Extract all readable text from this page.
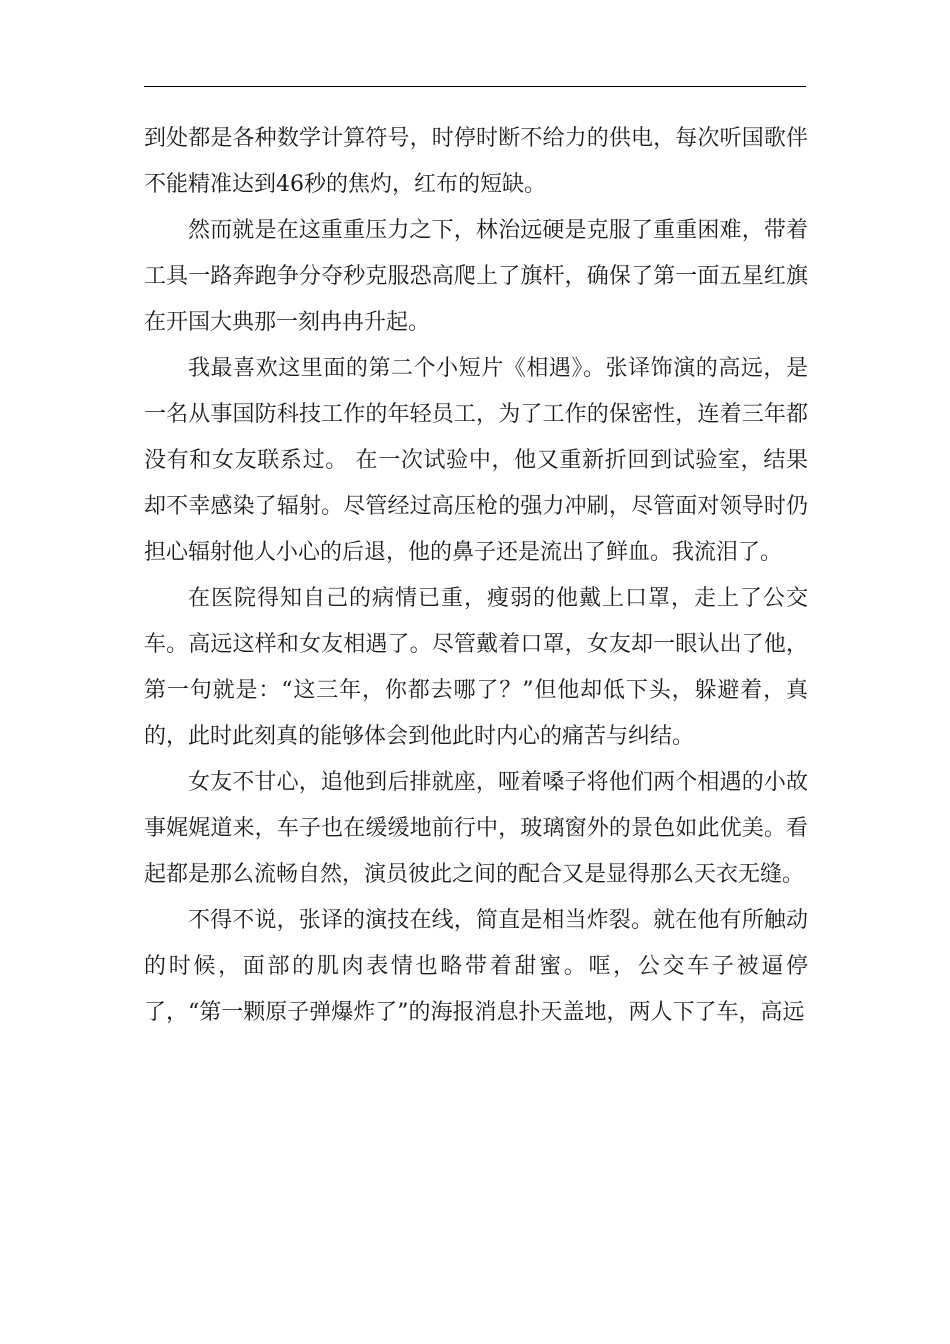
到处都是各种数学计算符号，时停时断不给力的供电，每次听国歌伴不能精准达到46秒的焦灼，红布的短缺。

然而就是在这重重压力之下，林治远硬是克服了重重困难，带着工具一路奔跑争分夺秒克服恐高爬上了旗杆，确保了第一面五星红旗在开国大典那一刻冉冉升起。

我最喜欢这里面的第二个小短片《相遇》。张译饰演的高远，是一名从事国防科技工作的年轻员工，为了工作的保密性，连着三年都没有和女友联系过。 在一次试验中，他又重新折回到试验室，结果却不幸感染了辐射。尽管经过高压枪的强力冲刷，尽管面对领导时仍担心辐射他人小心的后退，他的鼻子还是流出了鲜血。我流泪了。

在医院得知自己的病情已重，瘦弱的他戴上口罩，走上了公交车。高远这样和女友相遇了。尽管戴着口罩，女友却一眼认出了他，第一句就是：“这三年，你都去哪了？”但他却低下头，躲避着，真的，此时此刻真的能够体会到他此时内心的痛苦与纠结。

女友不甘心，追他到后排就座，哑着嗓子将他们两个相遇的小故事娓娓道来，车子也在缓缓地前行中，玻璃窗外的景色如此优美。看起都是那么流畅自然，演员彼此之间的配合又是显得那么天衣无缝。

不得不说，张译的演技在线，简直是相当炸裂。就在他有所触动的时候，面部的肌肉表情也略带着甜蜜。哐，公交车子被逼停了，“第一颗原子弹爆炸了”的海报消息扑天盖地，两人下了车，高远
